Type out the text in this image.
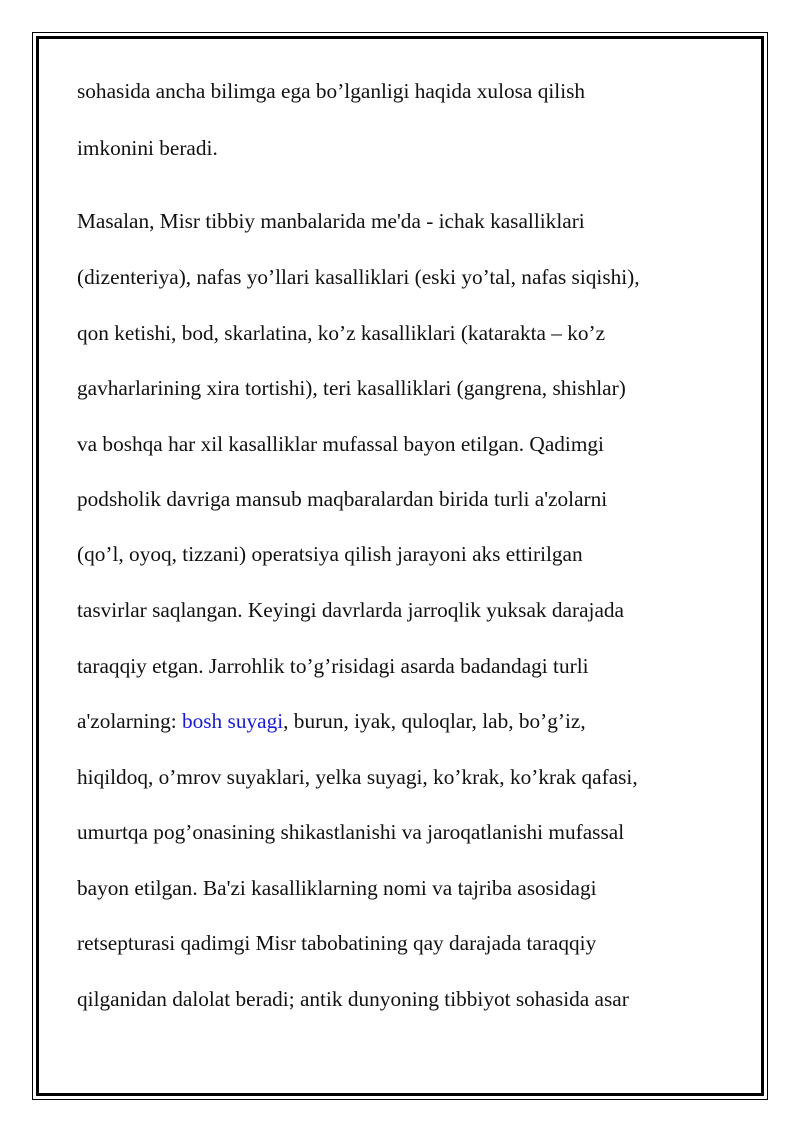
sohasida ancha bilimga ega bo’lganligi haqida xulosa qilish
imkonini beradi.
Masalan, Misr tibbiy manbalarida me'da - ichak kasalliklari
(dizenteriya), nafas yo’llari kasalliklari (eski yo’tal, nafas siqishi),
qon ketishi, bod, skarlatina, ko’z kasalliklari (katarakta – ko’z
gavharlarining xira tortishi), teri kasalliklari (gangrena, shishlar)
va boshqa har xil kasalliklar mufassal bayon etilgan. Qadimgi
podsholik davriga mansub maqbaralardan birida turli a'zolarni
(qo’l, oyoq, tizzani) operatsiya qilish jarayoni aks ettirilgan
tasvirlar saqlangan. Keyingi davrlarda jarroqlik yuksak darajada
taraqqiy etgan. Jarrohlik to’g’risidagi asarda badandagi turli
a'zolarning: bosh suyagi, burun, iyak, quloqlar, lab, bo’g’iz,
hiqildoq, o’mrov suyaklari, yelka suyagi, ko’krak, ko’krak qafasi,
umurtqa pog’onasining shikastlanishi va jaroqatlanishi mufassal
bayon etilgan. Ba'zi kasalliklarning nomi va tajriba asosidagi
retsepturasi qadimgi Misr tabobatining qay darajada taraqqiy
qilganidan dalolat beradi; antik dunyoning tibbiyot sohasida asar
